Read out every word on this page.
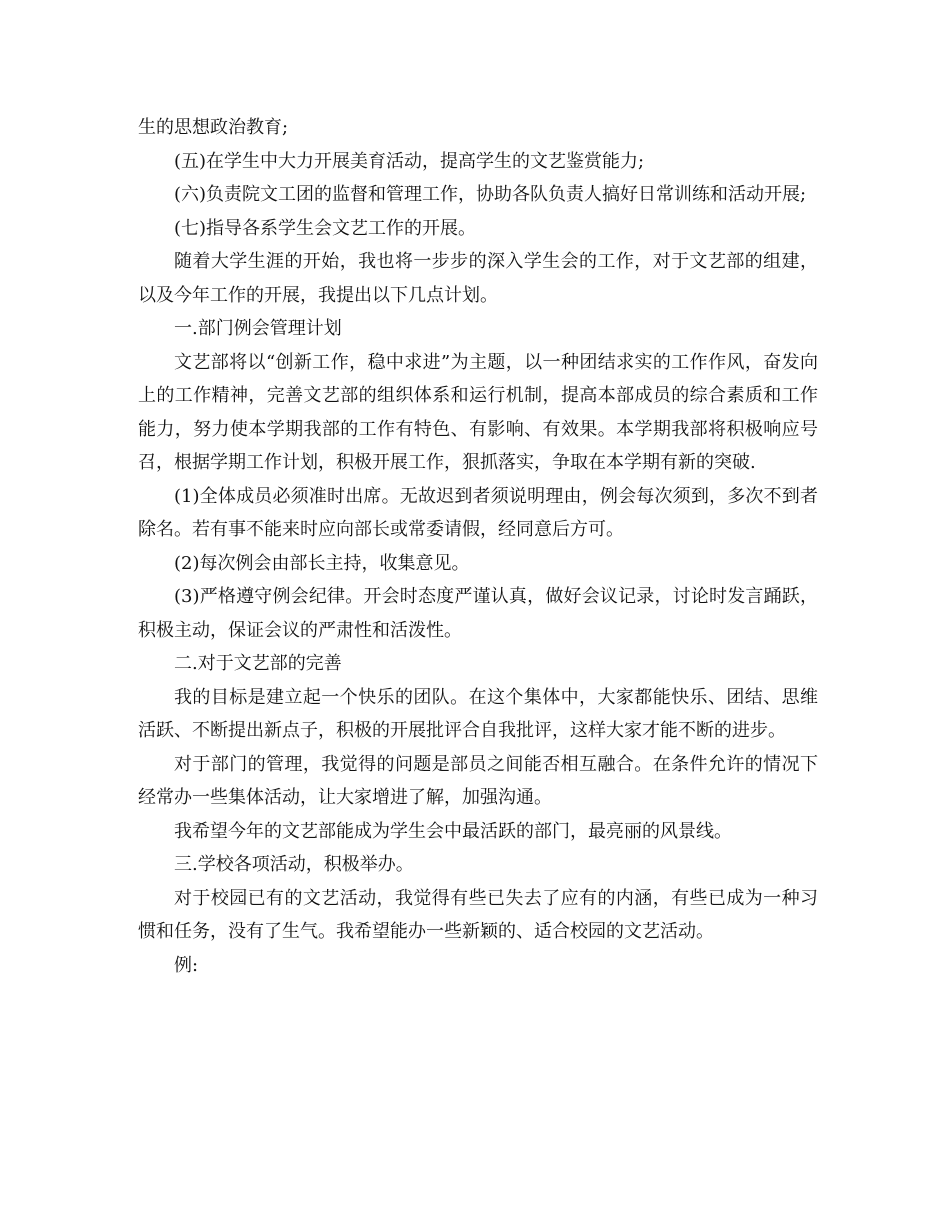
生的思想政治教育;

(五)在学生中大力开展美育活动，提高学生的文艺鉴赏能力;

(六)负责院文工团的监督和管理工作，协助各队负责人搞好日常训练和活动开展;

(七)指导各系学生会文艺工作的开展。

随着大学生涯的开始，我也将一步步的深入学生会的工作，对于文艺部的组建，以及今年工作的开展，我提出以下几点计划。

一.部门例会管理计划

文艺部将以“创新工作，稳中求进”为主题，以一种团结求实的工作作风，奋发向上的工作精神，完善文艺部的组织体系和运行机制，提高本部成员的综合素质和工作能力，努力使本学期我部的工作有特色、有影响、有效果。本学期我部将积极响应号召，根据学期工作计划，积极开展工作，狠抓落实，争取在本学期有新的突破.

(1)全体成员必须准时出席。无故迟到者须说明理由，例会每次须到，多次不到者除名。若有事不能来时应向部长或常委请假，经同意后方可。

(2)每次例会由部长主持，收集意见。

(3)严格遵守例会纪律。开会时态度严谨认真，做好会议记录，讨论时发言踊跃，积极主动，保证会议的严肃性和活泼性。

二.对于文艺部的完善

我的目标是建立起一个快乐的团队。在这个集体中，大家都能快乐、团结、思维活跃、不断提出新点子，积极的开展批评合自我批评，这样大家才能不断的进步。

对于部门的管理，我觉得的问题是部员之间能否相互融合。在条件允许的情况下经常办一些集体活动，让大家增进了解，加强沟通。

我希望今年的文艺部能成为学生会中最活跃的部门，最亮丽的风景线。

三.学校各项活动，积极举办。

对于校园已有的文艺活动，我觉得有些已失去了应有的内涵，有些已成为一种习惯和任务，没有了生气。我希望能办一些新颖的、适合校园的文艺活动。

例:
